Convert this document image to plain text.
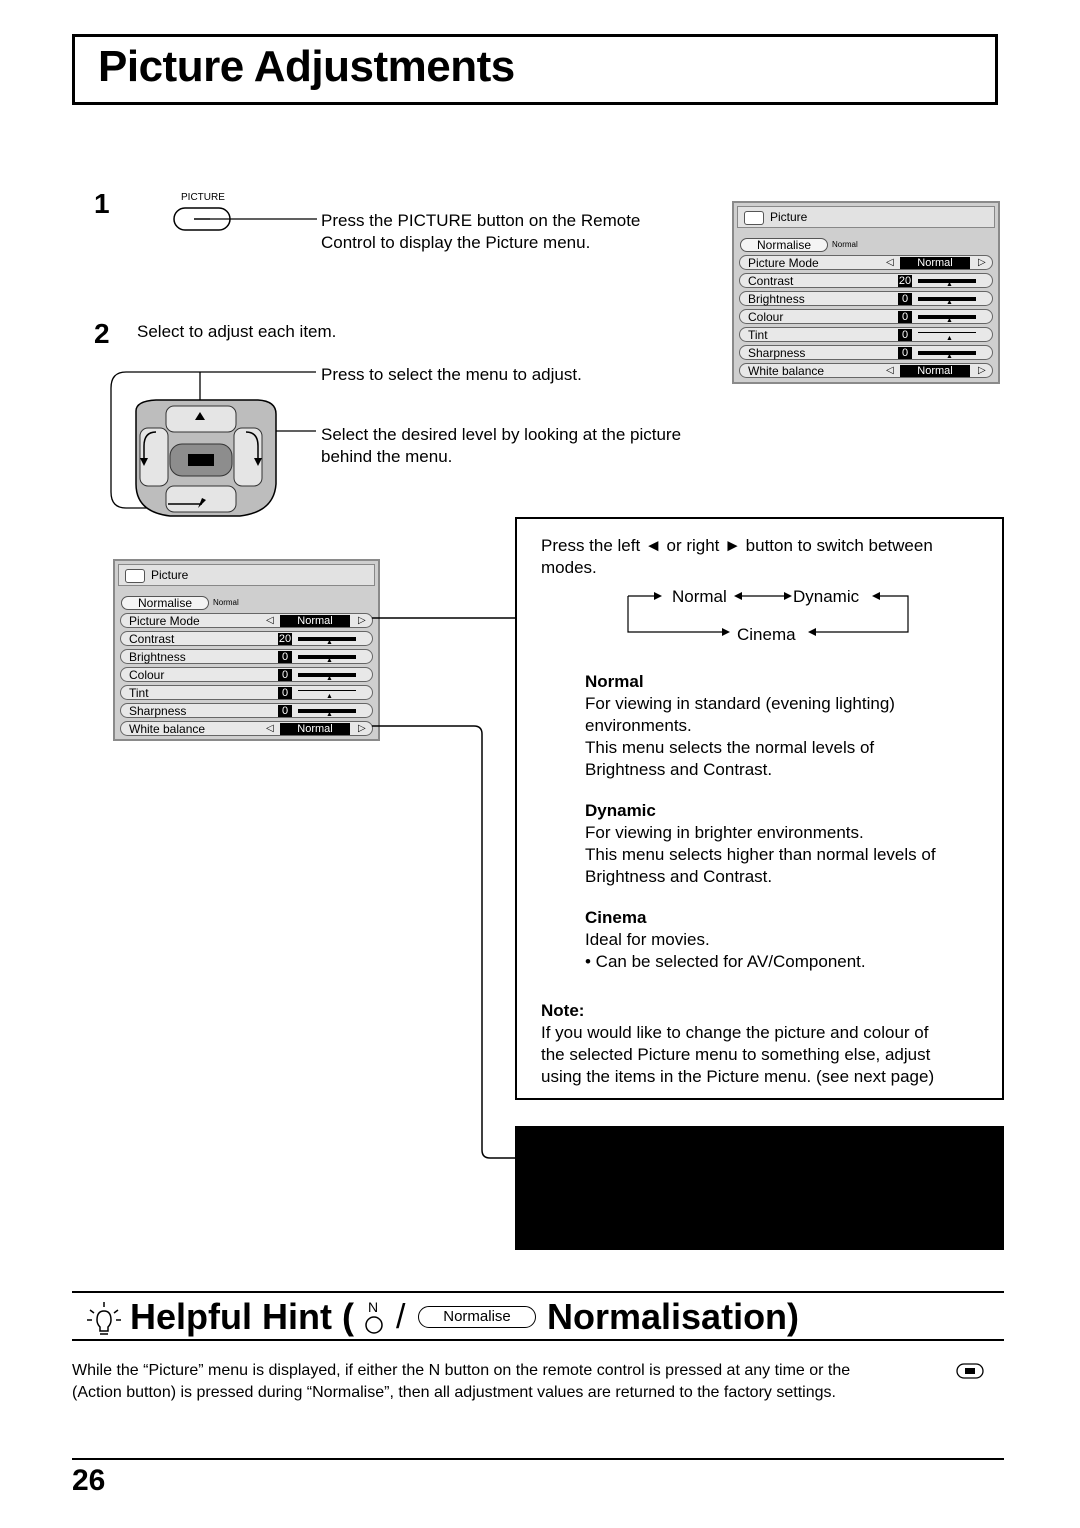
Picture Adjustments
1	PICTURE
Press the PICTURE button on the Remote Control to display the Picture menu.
2 Select to adjust each item.
Press to select the menu to adjust.
Select the desired level by looking at the picture behind the menu.
Picture
Normalise	Normal
Picture Mode	◁	Normal	▷
Contrast	20	▲
Brightness	0	▲
Colour	0	▲
Tint	0	▲
Sharpness	0	▲
White balance	◁	Normal	▷
Picture
Normalise	Normal
Picture Mode	◁	Normal	▷
Contrast	20	▲
Brightness	0	▲
Colour	0	▲
Tint	0	▲
Sharpness	0	▲
White balance	◁	Normal	▷
Press the left ◄ or right ► button to switch between modes.
Normal	Dynamic
Cinema
Normal
For viewing in standard (evening lighting)
environments.
This menu selects the normal levels of
Brightness and Contrast.
Dynamic
For viewing in brighter environments.
This menu selects higher than normal levels of
Brightness and Contrast.
Cinema
Ideal for movies.
• Can be selected for AV/Component.
Note:
If you would like to change the picture and colour of
the selected Picture menu to something else, adjust
using the items in the Picture menu. (see next page)
Helpful Hint ( N /	Normalise	Normalisation)
While the “Picture” menu is displayed, if either the N button on the remote control is pressed at any time or the
(Action button) is pressed during “Normalise”, then all adjustment values are returned to the factory settings.
26
